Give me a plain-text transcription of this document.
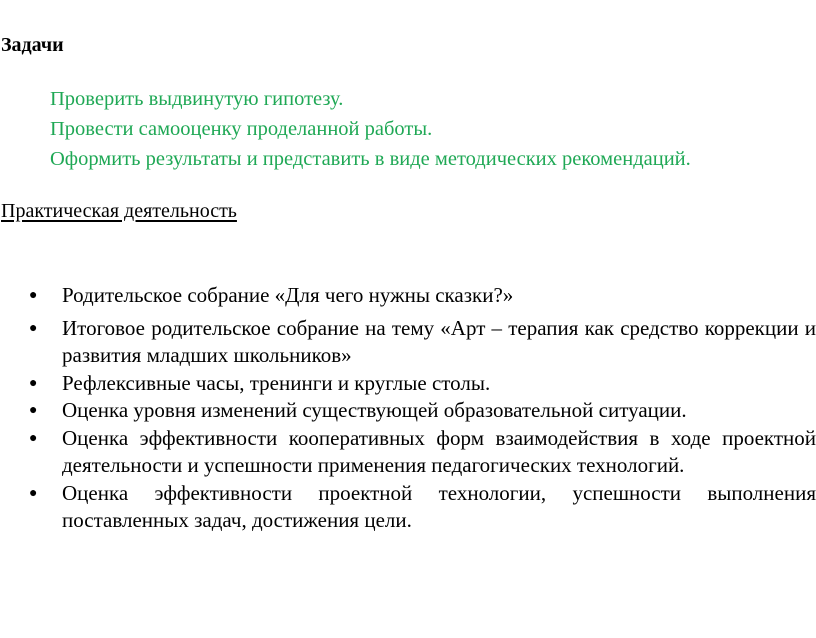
Задачи
Проверить выдвинутую гипотезу.
Провести самооценку проделанной работы.
Оформить результаты и представить в виде методических рекомендаций.
Практическая деятельность
● Родительское собрание «Для чего нужны сказки?»
● Итоговое родительское собрание на тему «Арт – терапия как средство коррекции и развития младших школьников»
● Рефлексивные часы, тренинги и круглые столы.
● Оценка уровня изменений существующей образовательной ситуации.
● Оценка эффективности кооперативных форм взаимодействия в ходе проектной деятельности и успешности применения педагогических технологий.
● Оценка эффективности проектной технологии, успешности выполнения поставленных задач, достижения цели.
